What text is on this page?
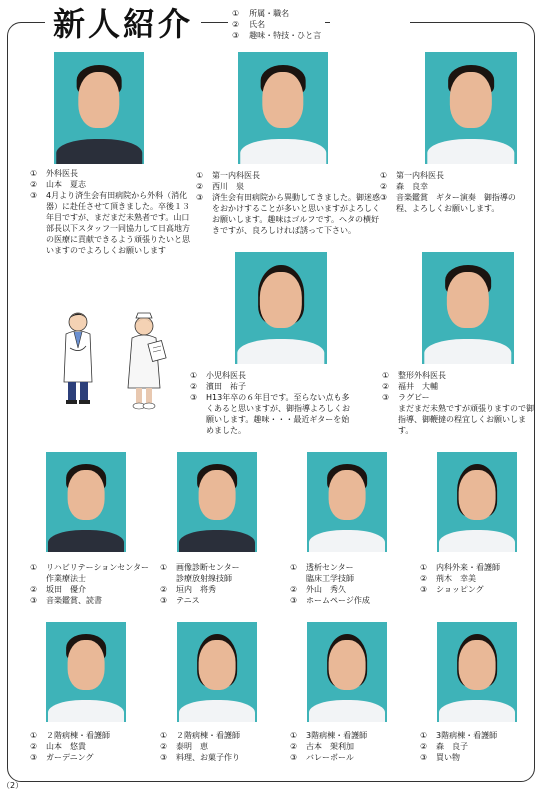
新人紹介	① 所属・職名
② 氏名
③ 趣味・特技・ひと言
①	外科医長
②	山本　夏志
③	4月より済生会有田病院から外科（消化器）に赴任させて頂きました。卒後１３年目ですが、まだまだ未熟者です。山口部長以下スタッフ一同協力して日高地方の医療に貢献できるよう頑張りたいと思いますのでよろしくお願いします
①	第一内科医長
②	西川　泉
③	済生会有田病院から異動してきました。御迷惑をおかけすることが多いと思いますがよろしくお願いします。趣味はゴルフです。ヘタの横好きですが、良ろしければ誘って下さい。
①	第一内科医長
②	森　良幸
③	音楽鑑賞　ギター演奏　御指導の程、よろしくお願いします。
①	小児科医長
②	濱田　祐子
③	H13年卒の６年目です。至らない点も多くあると思いますが、御指導よろしくお願いします。趣味・・・最近ギターを始めました。
①	整形外科医長
②	福井　大輔
③	ラグビー
まだまだ未熟ですが頑張りますので御指導、御鞭撻の程宜しくお願いします。
①	リハビリテーションセンター
作業療法士
②	坂田　優介
③	音楽鑑賞、読書
①	画像診断センター
診療放射線技師
②	垣内　将秀
③	テニス
①	透析センター
臨床工学技師
②	外山　秀久
③	ホームページ作成
①	内科外来・看護師
②	荊木　幸美
③	ショッピング
①	２階病棟・看護師
②	山本　悠貴
③	ガーデニング
①	２階病棟・看護師
②	泰明　恵
③	料理、お菓子作り
①	3階病棟・看護師
②	古本　架利加
③	バレーボール
①	3階病棟・看護師
②	森　良子
③	買い物
（2）
